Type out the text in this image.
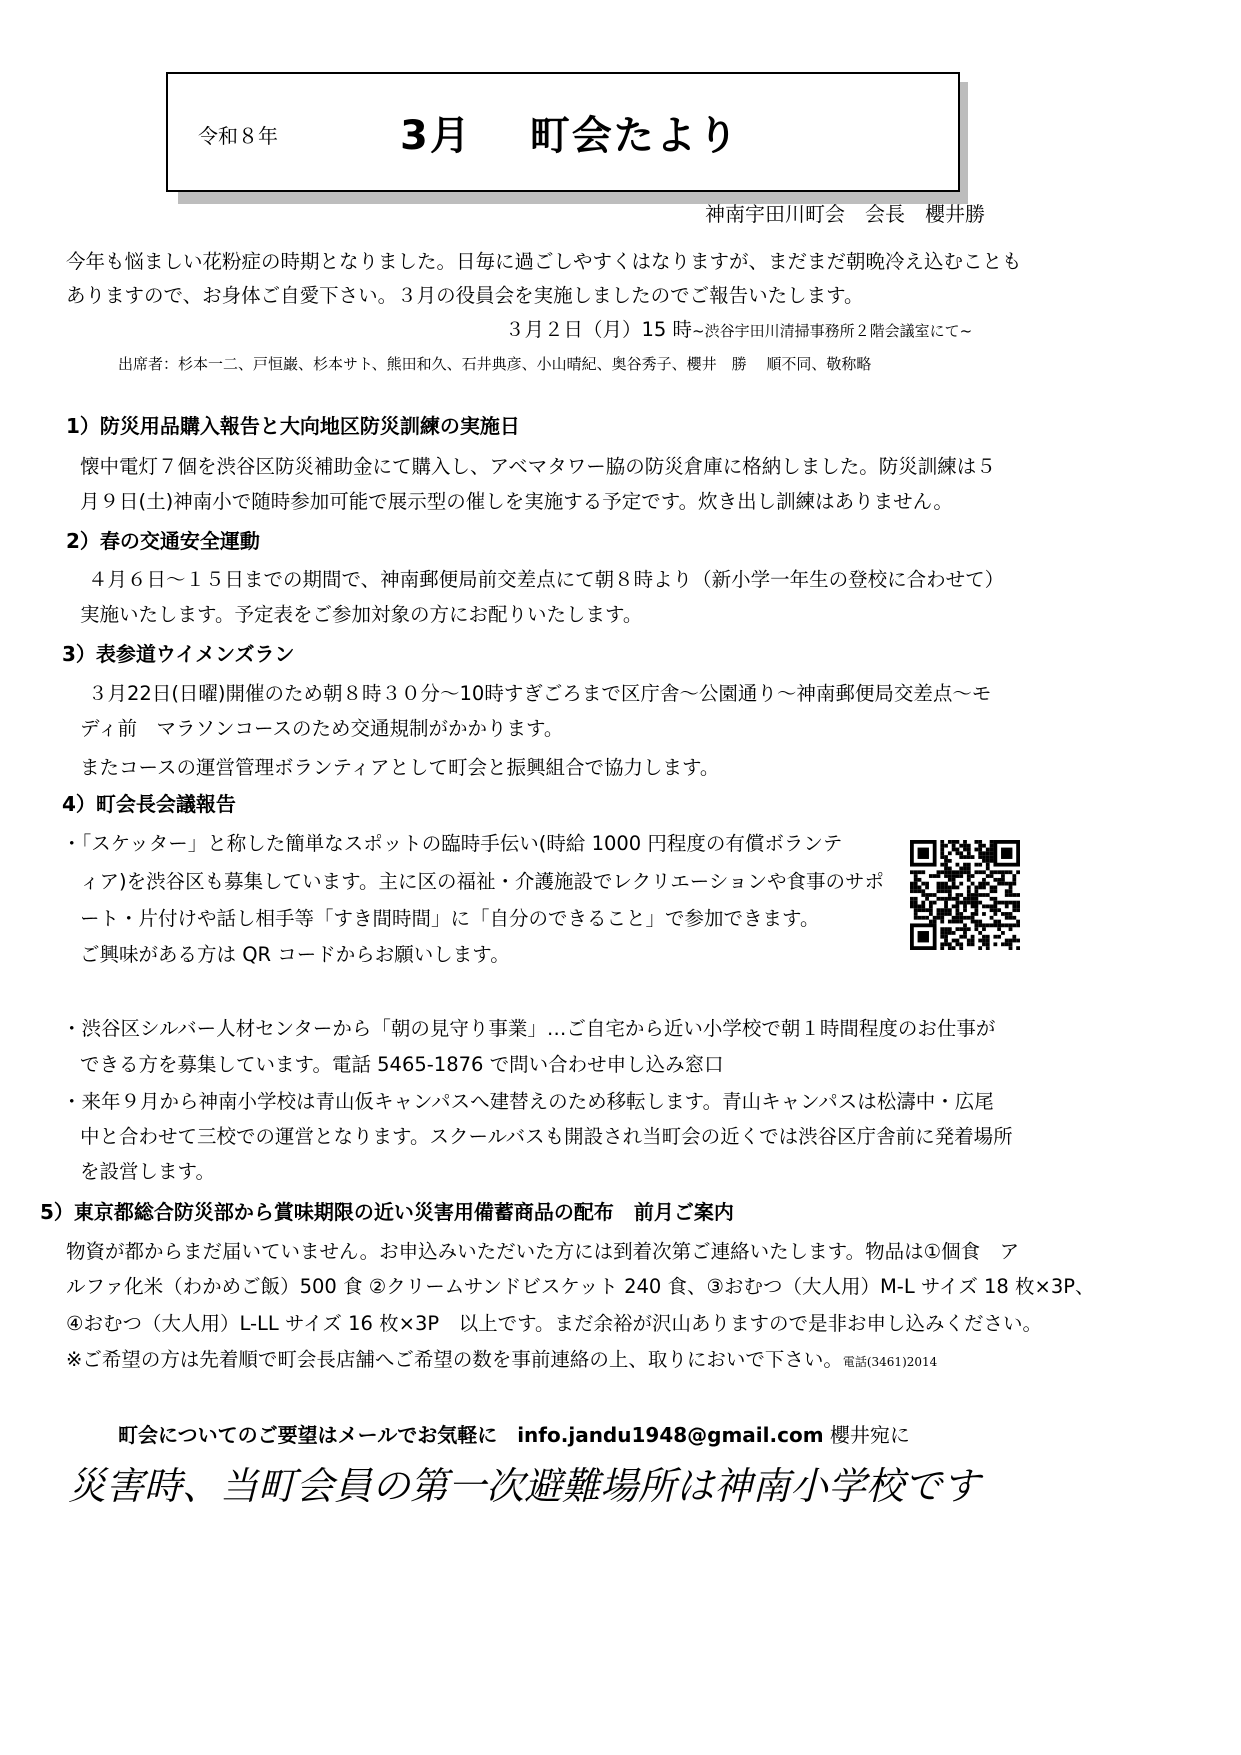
令和８年	3月　 町会たより
神南宇田川町会　会長　櫻井勝
今年も悩ましい花粉症の時期となりました。日毎に過ごしやすくはなりますが、まだまだ朝晩冷え込むことも
ありますので、お身体ご自愛下さい。３月の役員会を実施しましたのでご報告いたします。
３月２日（月）15 時~渋谷宇田川清掃事務所２階会議室にて~
出席者：杉本一二、戸恒巌、杉本サト、熊田和久、石井典彦、小山晴紀、奥谷秀子、櫻井　勝　 順不同、敬称略
1）防災用品購入報告と大向地区防災訓練の実施日
懐中電灯７個を渋谷区防災補助金にて購入し、アベマタワー脇の防災倉庫に格納しました。防災訓練は５
月９日(土)神南小で随時参加可能で展示型の催しを実施する予定です。炊き出し訓練はありません。
2）春の交通安全運動
４月６日～１５日までの期間で、神南郵便局前交差点にて朝８時より（新小学一年生の登校に合わせて）
実施いたします。予定表をご参加対象の方にお配りいたします。
3）表参道ウイメンズラン
３月22日(日曜)開催のため朝８時３０分～10時すぎごろまで区庁舎～公園通り～神南郵便局交差点～モ
ディ前　マラソンコースのため交通規制がかかります。
またコースの運営管理ボランティアとして町会と振興組合で協力します。
4）町会長会議報告
・「スケッター」と称した簡単なスポットの臨時手伝い(時給 1000 円程度の有償ボランテ
ィア)を渋谷区も募集しています。主に区の福祉・介護施設でレクリエーションや食事のサポ
ート・片付けや話し相手等「すき間時間」に「自分のできること」で参加できます。
ご興味がある方は QR コードからお願いします。
・渋谷区シルバー人材センターから「朝の見守り事業」…ご自宅から近い小学校で朝１時間程度のお仕事が
できる方を募集しています。電話 5465-1876 で問い合わせ申し込み窓口
・来年９月から神南小学校は青山仮キャンパスへ建替えのため移転します。青山キャンパスは松濤中・広尾
中と合わせて三校での運営となります。スクールバスも開設され当町会の近くでは渋谷区庁舎前に発着場所
を設営します。
5）東京都総合防災部から賞味期限の近い災害用備蓄商品の配布　前月ご案内
物資が都からまだ届いていません。お申込みいただいた方には到着次第ご連絡いたします。物品は①個食　ア
ルファ化米（わかめご飯）500 食 ②クリームサンドビスケット 240 食、③おむつ（大人用）M-L サイズ 18 枚×3P、
④おむつ（大人用）L-LL サイズ 16 枚×3P　以上です。まだ余裕が沢山ありますので是非お申し込みください。
※ご希望の方は先着順で町会長店舗へご希望の数を事前連絡の上、取りにおいで下さい。電話(3461)2014
町会についてのご要望はメールでお気軽に　info.jandu1948@gmail.com 櫻井宛に
災害時、当町会員の第一次避難場所は神南小学校です
